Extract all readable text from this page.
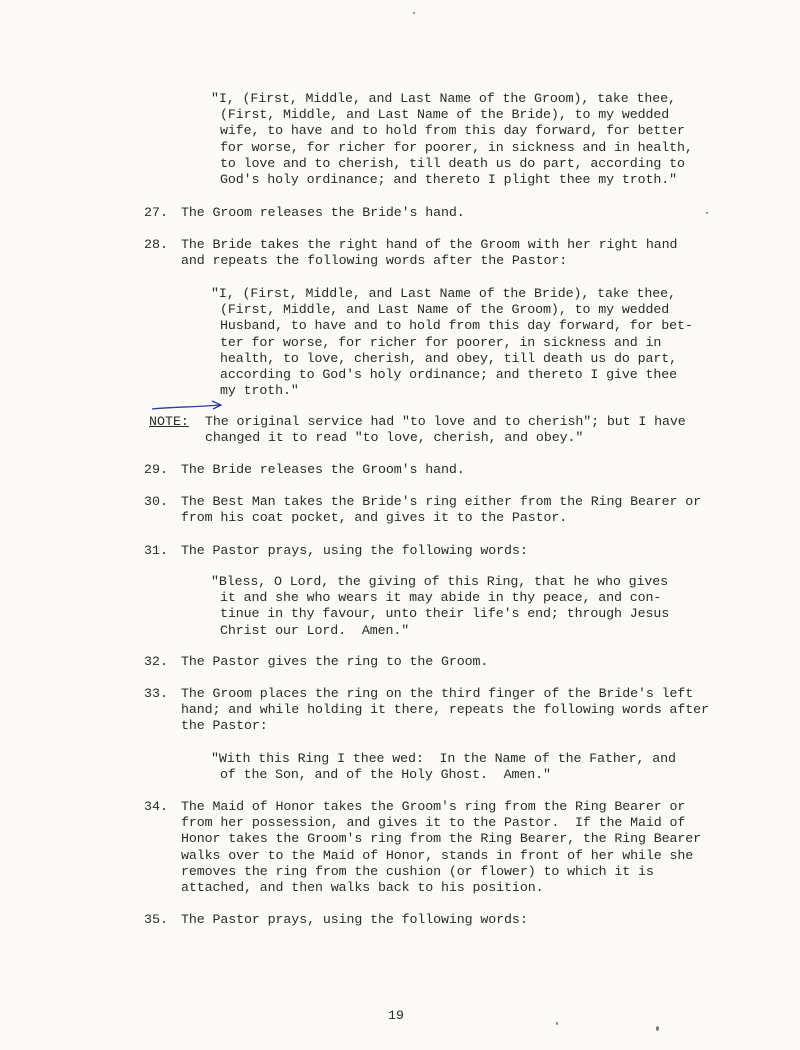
"I, (First, Middle, and Last Name of the Groom), take thee,
(First, Middle, and Last Name of the Bride), to my wedded
wife, to have and to hold from this day forward, for better
for worse, for richer for poorer, in sickness and in health,
to love and to cherish, till death us do part, according to
God's holy ordinance; and thereto I plight thee my troth."
27. The Groom releases the Bride's hand.
28. The Bride takes the right hand of the Groom with her right hand
and repeats the following words after the Pastor:
"I, (First, Middle, and Last Name of the Bride), take thee,
(First, Middle, and Last Name of the Groom), to my wedded
Husband, to have and to hold from this day forward, for bet-
ter for worse, for richer for poorer, in sickness and in
health, to love, cherish, and obey, till death us do part,
according to God's holy ordinance; and thereto I give thee
my troth."
NOTE: The original service had "to love and to cherish"; but I have
changed it to read "to love, cherish, and obey."
29. The Bride releases the Groom's hand.
30. The Best Man takes the Bride's ring either from the Ring Bearer or
from his coat pocket, and gives it to the Pastor.
31. The Pastor prays, using the following words:
"Bless, O Lord, the giving of this Ring, that he who gives
it and she who wears it may abide in thy peace, and con-
tinue in thy favour, unto their life's end; through Jesus
Christ our Lord.  Amen."
32. The Pastor gives the ring to the Groom.
33. The Groom places the ring on the third finger of the Bride's left
hand; and while holding it there, repeats the following words after
the Pastor:
"With this Ring I thee wed:  In the Name of the Father, and
of the Son, and of the Holy Ghost.  Amen."
34. The Maid of Honor takes the Groom's ring from the Ring Bearer or
from her possession, and gives it to the Pastor.  If the Maid of
Honor takes the Groom's ring from the Ring Bearer, the Ring Bearer
walks over to the Maid of Honor, stands in front of her while she
removes the ring from the cushion (or flower) to which it is
attached, and then walks back to his position.
35. The Pastor prays, using the following words:
19
